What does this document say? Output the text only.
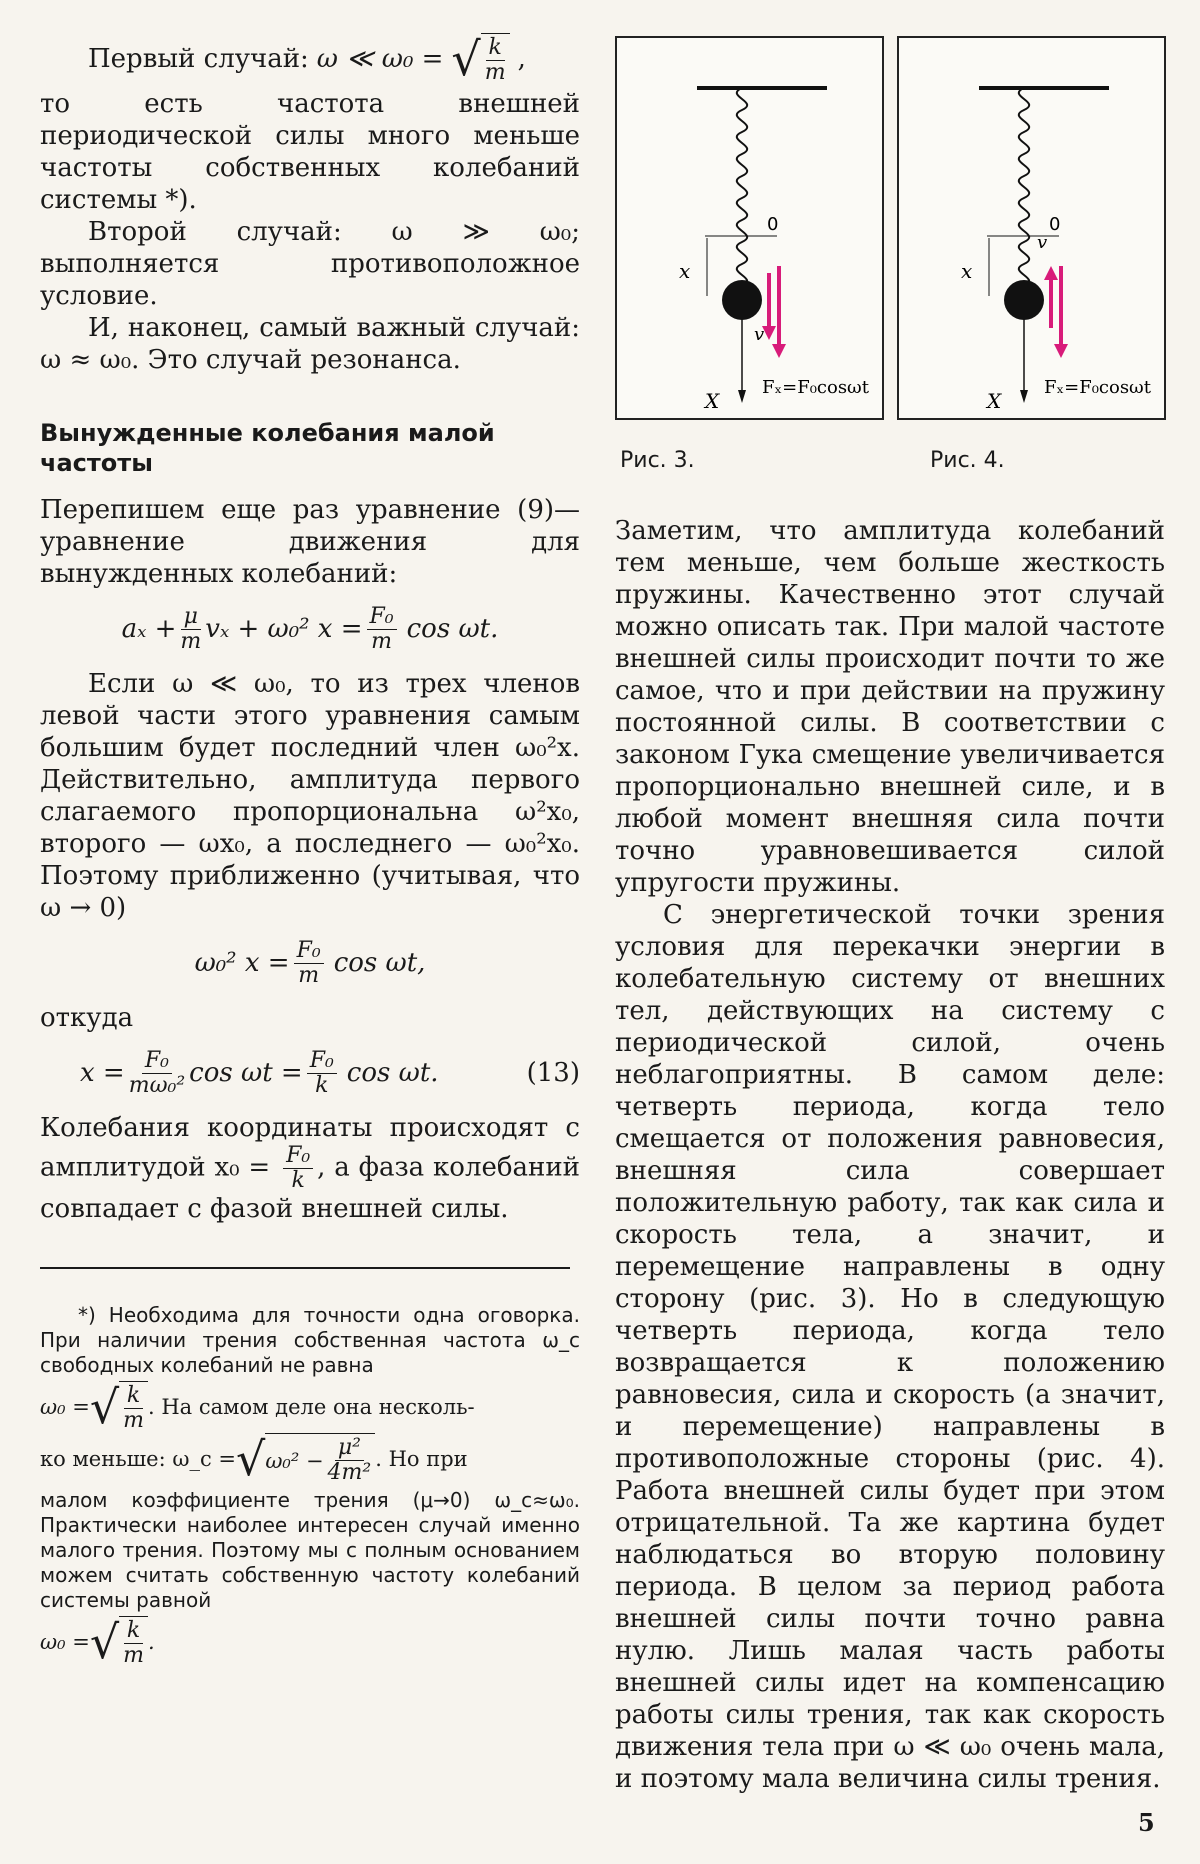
Первый случай: ω ≪ ω₀ = √ $\frac{k}{m}$ ,

то есть частота внешней периодической силы много меньше частоты собственных колебаний системы *).

Второй случай: ω ≫ ω₀; выполняется противоположное условие.

И, наконец, самый важный случай: ω ≈ ω₀. Это случай резонанса.

Вынужденные колебания малой частоты

Перепишем еще раз уравнение (9)— уравнение движения для вынужденных колебаний:

$a_x + \frac{\mu}{m}$ vₓ + ω₀² $x = \frac{\text{F₀}}{m}$ cos ωt.

Если ω ≪ ω₀, то из трех членов левой части этого уравнения самым большим будет последний член ω₀²x. Действительно, амплитуда первого слагаемого пропорциональна ω²x₀, второго — ωx₀, а последнего — ω₀²x₀. Поэтому приближенно (учитывая, что ω → 0)

ω₀² $x = \frac{\text{F₀}}{m}$ cos ωt,

откуда

$x = \frac{\text{F₀}}{\text{mω₀²}}$ $\cos \omega t = \frac{\text{F₀}}{k}$ cos ωt.	(13)

Колебания координаты происходят с амплитудой $x_0 = \frac{\text{F₀}}{k}$ , а фаза колебаний совпадает с фазой внешней силы.

*) Необходима для точности одна оговорка. При наличии трения собственная частота ω_c свободных колебаний не равна

ω₀ = √ $\frac{k}{m}$ . На самом деле она несколь-
ко меньше: ω_c = √ $\omega_0^2 - \frac{\text{μ²}}{\text{4m²}}$ . Но при

малом коэффициенте трения (μ→0) ω_c≈ω₀. Практически наиболее интересен случай именно малого трения. Поэтому мы с полным основанием можем считать собственную частоту колебаний системы равной

ω₀ = √ $\frac{k}{m}$ .
0
x
v
X
Fₓ=F₀cosωt
0
x
v
X
Fₓ=F₀cosωt
Рис. 3.	Рис. 4.

Заметим, что амплитуда колебаний тем меньше, чем больше жесткость пружины. Качественно этот случай можно описать так. При малой частоте внешней силы происходит почти то же самое, что и при действии на пружину постоянной силы. В соответствии с законом Гука смещение увеличивается пропорционально внешней силе, и в любой момент внешняя сила почти точно уравновешивается силой упругости пружины.

С энергетической точки зрения условия для перекачки энергии в колебательную систему от внешних тел, действующих на систему с периодической силой, очень неблагоприятны. В самом деле: четверть периода, когда тело смещается от положения равновесия, внешняя сила совершает положительную работу, так как сила и скорость тела, а значит, и перемещение направлены в одну сторону (рис. 3). Но в следующую четверть периода, когда тело возвращается к положению равновесия, сила и скорость (а значит, и перемещение) направлены в противоположные стороны (рис. 4). Работа внешней силы будет при этом отрицательной. Та же картина будет наблюдаться во вторую половину периода. В целом за период работа внешней силы почти точно равна нулю. Лишь малая часть работы внешней силы идет на компенсацию работы силы трения, так как скорость движения тела при ω ≪ ω₀ очень мала, и поэтому мала величина силы трения.

5
